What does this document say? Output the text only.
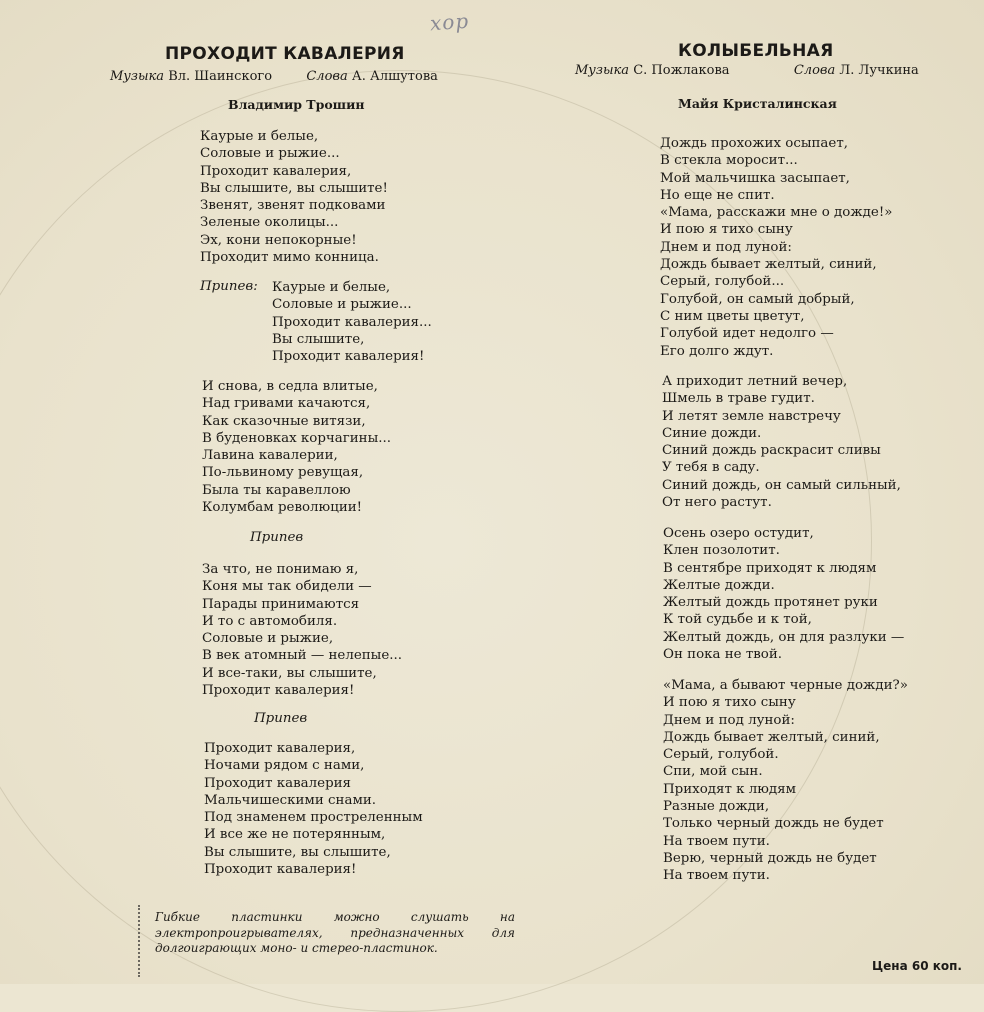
хор
ПРОХОДИТ КАВАЛЕРИЯ
Музыка Вл. Шаинского	Слова А. Алшутова
Владимир Трошин
Каурые и белые,
Соловые и рыжие...
Проходит кавалерия,
Вы слышите, вы слышите!
Звенят, звенят подковами
Зеленые околицы...
Эх, кони непокорные!
Проходит мимо конница.
Припев: Каурые и белые,
Соловые и рыжие...
Проходит кавалерия...
Вы слышите,
Проходит кавалерия!
И снова, в седла влитые,
Над гривами качаются,
Как сказочные витязи,
В буденовках корчагины...
Лавина кавалерии,
По-львиному ревущая,
Была ты каравеллою
Колумбам революции!
Припев
За что, не понимаю я,
Коня мы так обидели —
Парады принимаются
И то с автомобиля.
Соловые и рыжие,
В век атомный — нелепые...
И все-таки, вы слышите,
Проходит кавалерия!
Припев
Проходит кавалерия,
Ночами рядом с нами,
Проходит кавалерия
Мальчишескими снами.
Под знаменем простреленным
И все же не потерянным,
Вы слышите, вы слышите,
Проходит кавалерия!
КОЛЫБЕЛЬНАЯ
Музыка С. Пожлакова	Слова Л. Лучкина
Майя Кристалинская
Дождь прохожих осыпает,
В стекла моросит...
Мой мальчишка засыпает,
Но еще не спит.
«Мама, расскажи мне о дожде!»
И пою я тихо сыну
Днем и под луной:
Дождь бывает желтый, синий,
Серый, голубой...
Голубой, он самый добрый,
С ним цветы цветут,
Голубой идет недолго —
Его долго ждут.
А приходит летний вечер,
Шмель в траве гудит.
И летят земле навстречу
Синие дожди.
Синий дождь раскрасит сливы
У тебя в саду.
Синий дождь, он самый сильный,
От него растут.
Осень озеро остудит,
Клен позолотит.
В сентябре приходят к людям
Желтые дожди.
Желтый дождь протянет руки
К той судьбе и к той,
Желтый дождь, он для разлуки —
Он пока не твой.
«Мама, а бывают черные дожди?»
И пою я тихо сыну
Днем и под луной:
Дождь бывает желтый, синий,
Серый, голубой.
Спи, мой сын.
Приходят к людям
Разные дожди,
Только черный дождь не будет
На твоем пути.
Верю, черный дождь не будет
На твоем пути.
Гибкие пластинки можно слушать на электропроигрывателях, предназначенных для долгоиграющих моно- и стерео-пластинок.
Цена 60 коп.
